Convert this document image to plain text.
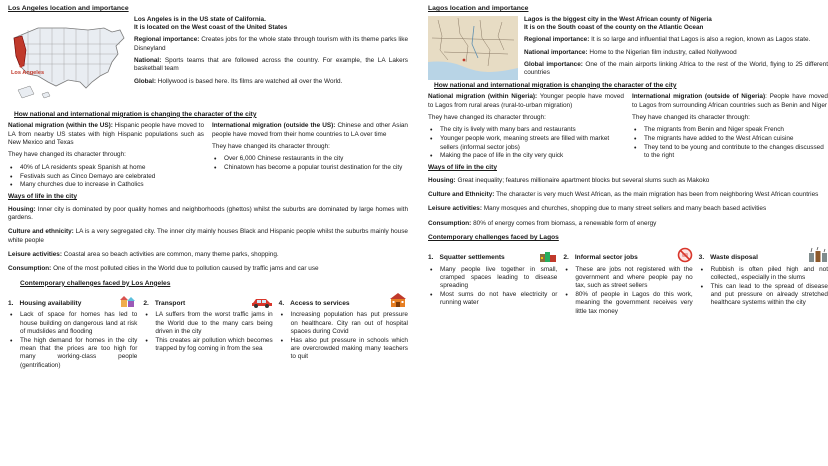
Los Angeles location and importance
Los Angeles

Los Angeles is in the US state of California.
It is located on the West coast of the United States

Regional importance: Creates jobs for the whole state through tourism with its theme parks like Disneyland

National: Sports teams that are followed across the country. For example, the LA Lakers basketball team

Global: Hollywood is based here. Its films are watched all over the World.

How national and international migration is changing the character of the city

National migration (within the US): Hispanic people have moved to LA from nearby US states with high Hispanic populations such as New Mexico and Texas

They have changed its character through:

• 40% of LA residents speak Spanish at home
• Festivals such as Cinco Demayo are celebrated
• Many churches due to increase in Catholics

International migration (outside the US): Chinese and other Asian people have moved from their home countries to LA over time

They have changed its character through:

• Over 6,000 Chinese restaurants in the city
• Chinatown has become a popular tourist destination for the city
Ways of life in the city

Housing: Inner city is dominated by poor quality homes and neighborhoods (ghettos) whilst the suburbs are dominated by large homes with gardens.

Culture and ethnicity: LA is a very segregated city. The inner city mainly houses Black and Hispanic people whilst the suburbs mainly house white people

Leisure activities: Coastal area so beach activities are common, many theme parks, shopping.

Consumption: One of the most polluted cities in the World due to pollution caused by traffic jams and car use

Contemporary challenges faced by Los Angeles
1. Housing availability
• Lack of space for homes has led to house building on dangerous land at risk of mudslides and flooding
• The high demand for homes in the city mean that the prices are too high for many working-class people (gentrification)
2. Transport
• LA suffers from the worst traffic jams in the World due to the many cars being driven in the city
• This creates air pollution which becomes trapped by fog coming in from the sea
4. Access to services
• Increasing population has put pressure on healthcare. City ran out of hospital spaces during Covid
• Has also put pressure in schools which are overcrowded making many teachers to quit
Lagos location and importance

Lagos is the biggest city in the West African county of Nigeria
It is on the South coast of the county on the Atlantic Ocean

Regional importance: It is so large and influential that Lagos is also a region, known as Lagos state.

National importance: Home to the Nigerian film industry, called Nollywood

Global importance: One of the main airports linking Africa to the rest of the World, flying to 25 different countries

How national and international migration is changing the character of the city

National migration (within Nigeria): Younger people have moved to Lagos from rural areas (rural-to-urban migration)

They have changed its character through:

• The city is lively with many bars and restaurants
• Younger people work, meaning streets are filled with market sellers (informal sector jobs)
• Making the pace of life in the city very quick

International migration (outside of Nigeria): People have moved to Lagos from surrounding African countries such as Benin and Niger

They have changed its character through:

• The migrants from Benin and Niger speak French
• The migrants have added to the West African cuisine
• They tend to be young and contribute to the changes discussed to the right
Ways of life in the city

Housing: Great inequality; features millionaire apartment blocks but several slums such as Makoko

Culture and Ethnicity: The character is very much West African, as the main migration has been from neighboring West African countries

Leisure activities: Many mosques and churches, shopping due to many street sellers and many beach based activities

Consumption: 80% of energy comes from biomass, a renewable form of energy

Contemporary challenges faced by Lagos
1. Squatter settlements
• Many people live together in small, cramped spaces leading to disease spreading
• Most sums do not have electricity or running water
2. Informal sector jobs
• These are jobs not registered with the government and where people pay no tax, such as street sellers
• 80% of people in Lagos do this work, meaning the government receives very little tax money
3. Waste disposal
• Rubbish is often piled high and not collected,, especially in the slums
• This can lead to the spread of disease and put pressure on already stretched healthcare systems within the city
